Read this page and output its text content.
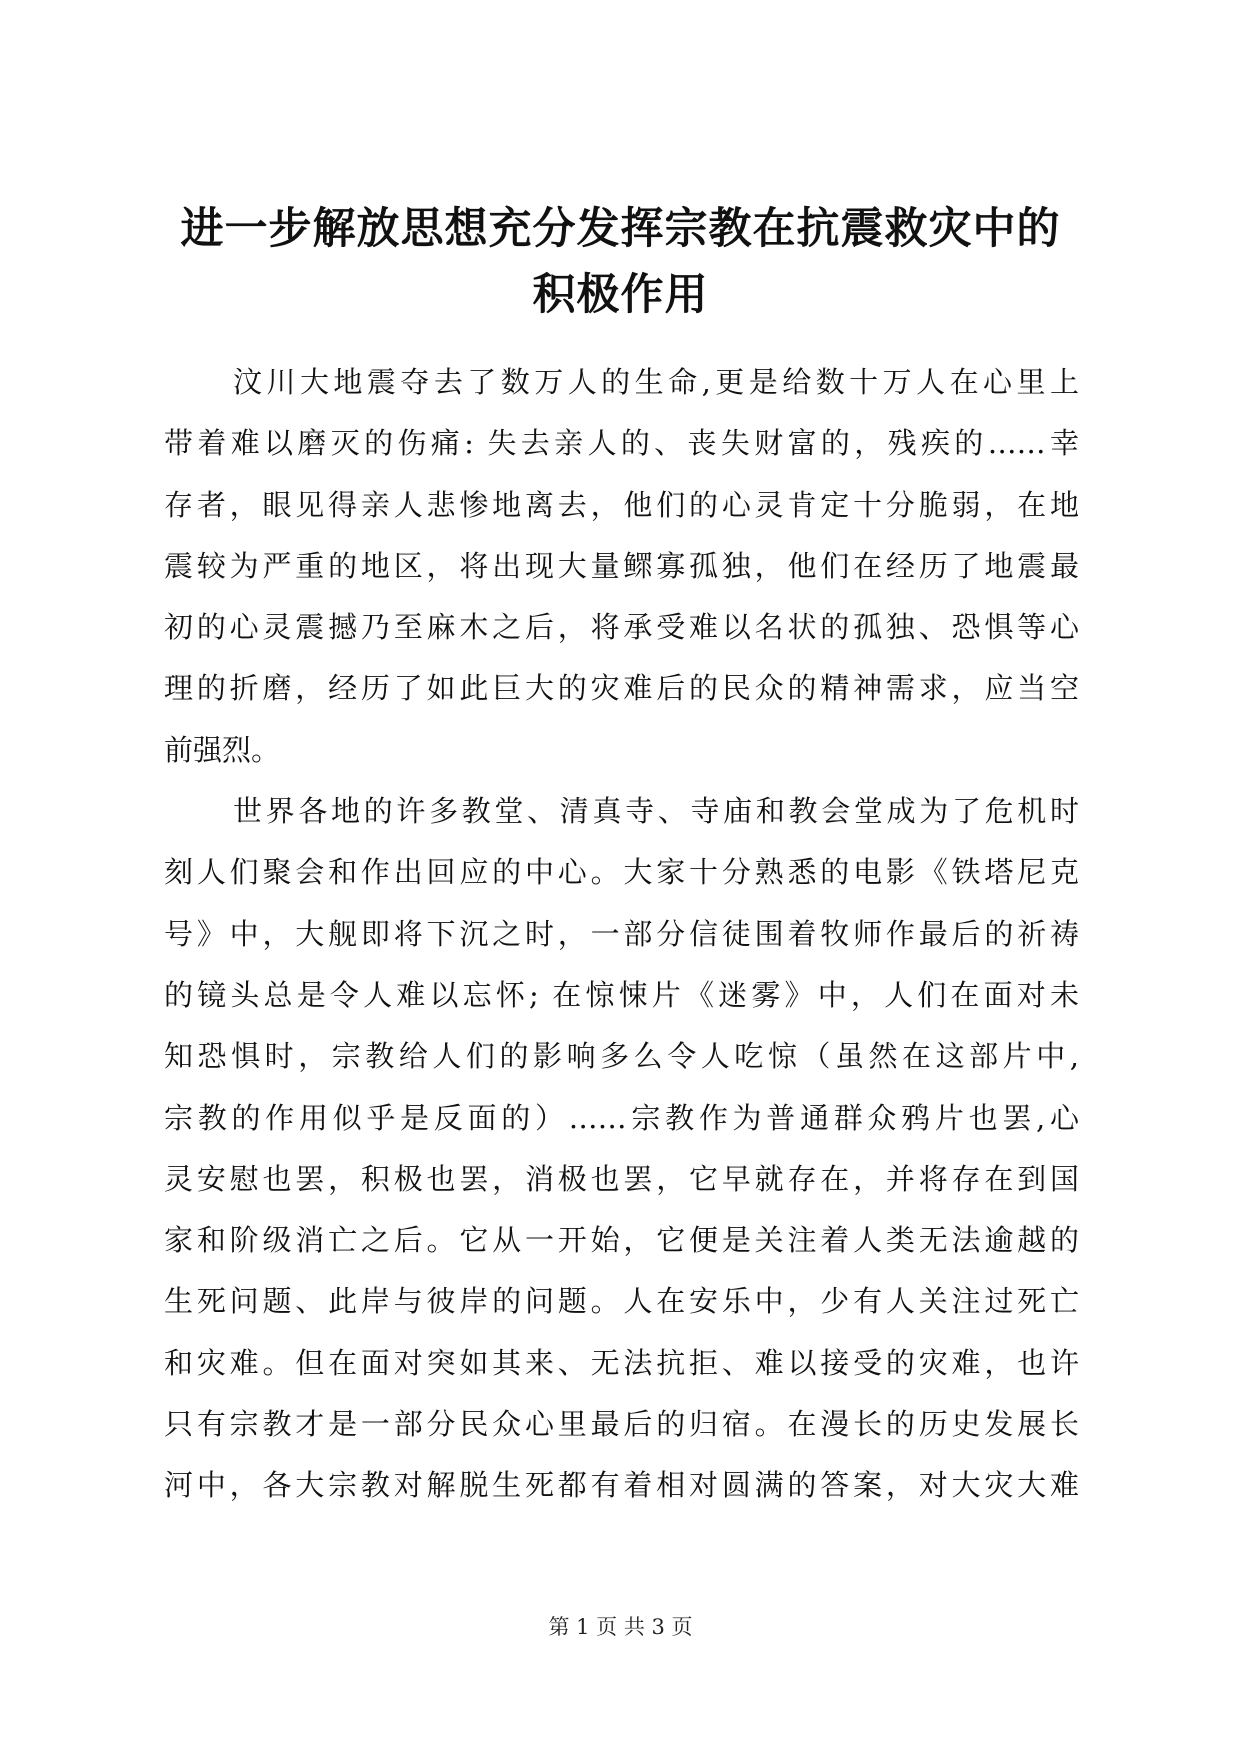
进一步解放思想充分发挥宗教在抗震救灾中的
积极作用

汶川大地震夺去了数万人的生命,更是给数十万人在心里上
带着难以磨灭的伤痛: 失去亲人的、丧失财富的，残疾的……幸
存者，眼见得亲人悲惨地离去，他们的心灵肯定十分脆弱，在地
震较为严重的地区，将出现大量鳏寡孤独，他们在经历了地震最
初的心灵震撼乃至麻木之后，将承受难以名状的孤独、恐惧等心
理的折磨，经历了如此巨大的灾难后的民众的精神需求，应当空
前强烈。

世界各地的许多教堂、清真寺、寺庙和教会堂成为了危机时
刻人们聚会和作出回应的中心。大家十分熟悉的电影《铁塔尼克
号》中，大舰即将下沉之时，一部分信徒围着牧师作最后的祈祷
的镜头总是令人难以忘怀; 在惊悚片《迷雾》中，人们在面对未
知恐惧时，宗教给人们的影响多么令人吃惊（虽然在这部片中,
宗教的作用似乎是反面的）……宗教作为普通群众鸦片也罢,心
灵安慰也罢，积极也罢，消极也罢，它早就存在，并将存在到国
家和阶级消亡之后。它从一开始，它便是关注着人类无法逾越的
生死问题、此岸与彼岸的问题。人在安乐中，少有人关注过死亡
和灾难。但在面对突如其来、无法抗拒、难以接受的灾难，也许
只有宗教才是一部分民众心里最后的归宿。在漫长的历史发展长
河中，各大宗教对解脱生死都有着相对圆满的答案，对大灾大难

第 1 页 共 3 页
